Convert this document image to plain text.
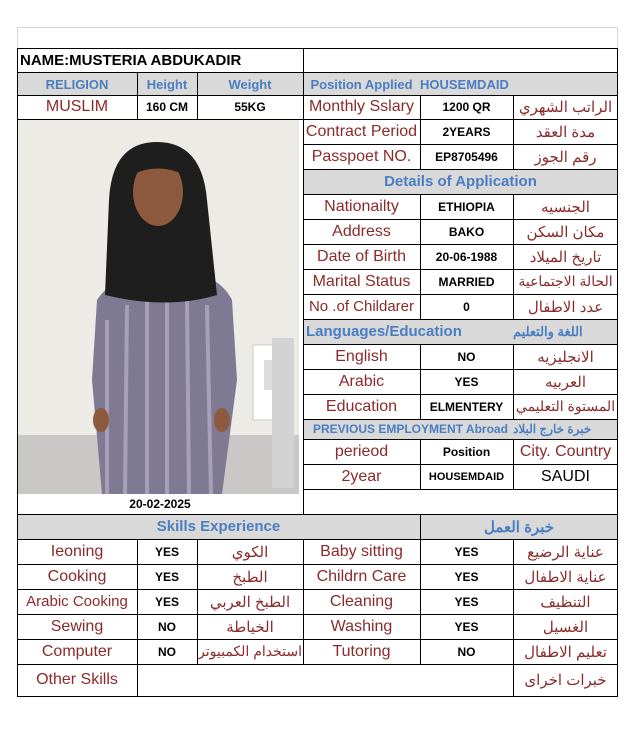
NAME:MUSTERIA ABDUKADIR
RELIGION	Height	Weight
MUSLIM	160 CM	55KG
Position Applied HOUSEMDAID
20-02-2025
Monthly Sslary	1200 QR	الراتب الشهري
Contract Period	2YEARS	مدة العقد
Passpoet NO.	EP8705496	رقم الجوز
Details of Application
Nationailty	ETHIOPIA	الجنسيه
Address	BAKO	مكان السكن
Date of Birth	20-06-1988	تاريخ الميلاد
Marital Status	MARRIED	الحالة الاجتماعية
No .of Childarer	0	عدد الاطفال
Languages/Education	اللغة والتعليم
English	NO	الانجليزيه
Arabic	YES	العربيه
Education	ELMENTERY المستوة التعليمي
PREVIOUS EMPLOYMENT Abroad خبرة خارج البلاد
perieod	Position	City. Country
2year	HOUSEMDAID	SAUDI
Skills Experience	خبرة العمل
Ieoning	YES	الكوي	Baby sitting	YES	عناية الرضيع
Cooking	YES	الطبخ	Childrn Care	YES	عناية الاطفال
Arabic Cooking	YES	الطبخ العربي	Cleaning	YES	التنظيف
Sewing	NO	الخياطة	Washing	YES	الغسيل
Computer	NO	استخدام الكمبيوتر	Tutoring	NO	تعليم الاطفال
Other Skills	خبرات اخراى
